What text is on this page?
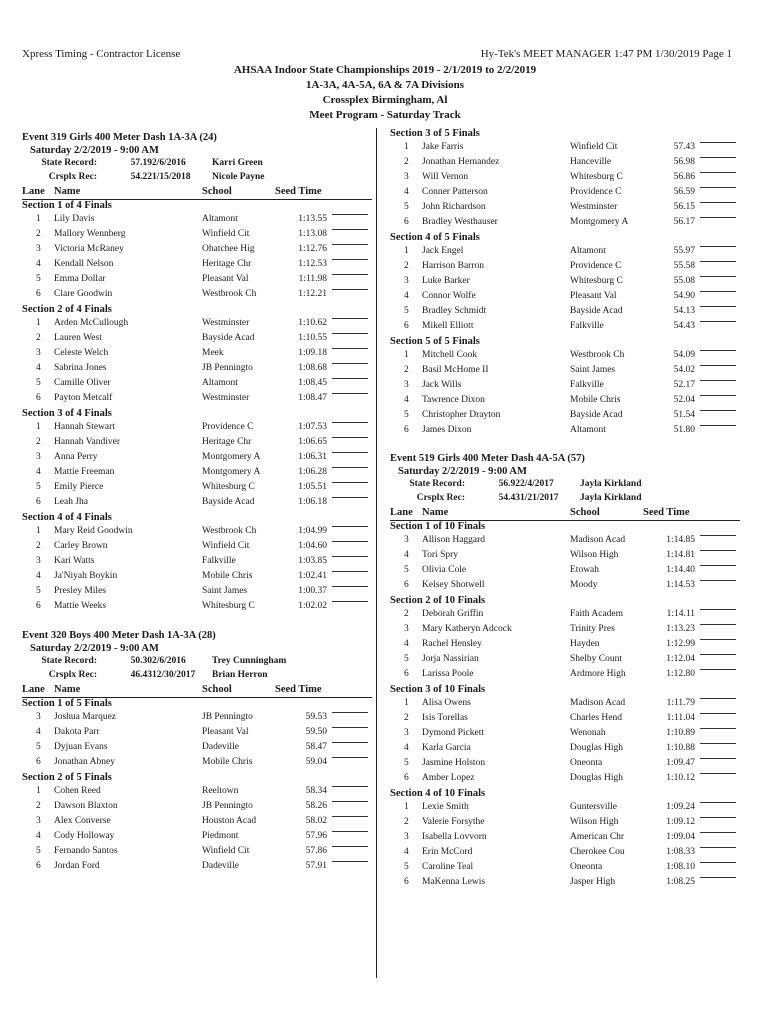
Xpress Timing - Contractor License	Hy-Tek's MEET MANAGER 1:47 PM 1/30/2019 Page 1
AHSAA Indoor State Championships 2019 - 2/1/2019 to 2/2/2019
1A-3A, 4A-5A, 6A & 7A Divisions
Crossplex Birmingham, Al
Meet Program - Saturday Track
Event 319 Girls 400 Meter Dash 1A-3A (24)
Saturday 2/2/2019 - 9:00 AM
State Record:	57.19 2/6/2016	Karri Green
Crsplx Rec:	54.22 1/15/2018 Nicole Payne
Lane Name	School	Seed Time
Section 1 of 4 Finals
1 Lily Davis	Altamont	1:13.55
2 Mallory Wennberg	Winfield Cit	1:13.08
3 Victoria McRaney	Ohatchee Hig	1:12.76
4 Kendall Nelson	Heritage Chr	1:12.53
5 Emma Dollar	Pleasant Val	1:11.98
6 Clare Goodwin	Westbrook Ch	1:12.21
Section 2 of 4 Finals
1 Arden McCullough	Westminster	1:10.62
2 Lauren West	Bayside Acad	1:10.55
3 Celeste Welch	Meek	1:09.18
4 Sabrina Jones	JB Penningto	1:08.68
5 Camille Oliver	Altamont	1:08.45
6 Payton Metcalf	Westminster	1:08.47
Section 3 of 4 Finals
1 Hannah Stewart	Providence C	1:07.53
2 Hannah Vandiver	Heritage Chr	1:06.65
3 Anna Perry	Montgomery A	1:06.31
4 Mattie Freeman	Montgomery A	1:06.28
5 Emily Pierce	Whitesburg C	1:05.51
6 Leah Jha	Bayside Acad	1:06.18
Section 4 of 4 Finals
1 Mary Reid Goodwin	Westbrook Ch	1:04.99
2 Carley Brown	Winfield Cit	1:04.60
3 Kari Watts	Falkville	1:03.85
4 Ja'Niyah Boykin	Mobile Chris	1:02.41
5 Presley Miles	Saint James	1:00.37
6 Mattie Weeks	Whitesburg C	1:02.02
Event 320 Boys 400 Meter Dash 1A-3A (28)
Saturday 2/2/2019 - 9:00 AM
State Record:	50.30 2/6/2016	Trey Cunningham
Crsplx Rec:	46.43 12/30/2017 Brian Herron
Lane Name	School	Seed Time
Section 1 of 5 Finals
3 Joshua Marquez	JB Penningto	59.53
4 Dakota Parr	Pleasant Val	59.50
5 Dyjuan Evans	Dadeville	58.47
6 Jonathan Abney	Mobile Chris	59.04
Section 2 of 5 Finals
1 Cohen Reed	Reeltown	58.34
2 Dawson Blaxton	JB Penningto	58.26
3 Alex Converse	Houston Acad	58.02
4 Cody Holloway	Piedmont	57.96
5 Fernando Santos	Winfield Cit	57.86
6 Jordan Ford	Dadeville	57.91
Section 3 of 5 Finals
1 Jake Farris	Winfield Cit	57.43
2 Jonathan Hernandez	Hanceville	56.98
3 Will Vernon	Whitesburg C	56.86
4 Conner Patterson	Providence C	56.59
5 John Richardson	Westminster	56.15
6 Bradley Westhauser	Montgomery A	56.17
Section 4 of 5 Finals
1 Jack Engel	Altamont	55.97
2 Harrison Barron	Providence C	55.58
3 Luke Barker	Whitesburg C	55.08
4 Connor Wolfe	Pleasant Val	54.90
5 Bradley Schmidt	Bayside Acad	54.13
6 Mikell Elliott	Falkville	54.43
Section 5 of 5 Finals
1 Mitchell Cook	Westbrook Ch	54.09
2 Basil McHome II	Saint James	54.02
3 Jack Wills	Falkville	52.17
4 Tawrence Dixon	Mobile Chris	52.04
5 Christopher Drayton	Bayside Acad	51.54
6 James Dixon	Altamont	51.80
Event 519 Girls 400 Meter Dash 4A-5A (57)
Saturday 2/2/2019 - 9:00 AM
State Record:	56.92 2/4/2017	Jayla Kirkland
Crsplx Rec:	54.43 1/21/2017 Jayla Kirkland
Lane Name	School	Seed Time
Section 1 of 10 Finals
3 Allison Haggard	Madison Acad	1:14.85
4 Tori Spry	Wilson High	1:14.81
5 Olivia Cole	Etowah	1:14.40
6 Kelsey Shotwell	Moody	1:14.53
Section 2 of 10 Finals
2 Deborah Griffin	Faith Academ	1:14.11
3 Mary Katheryn Adcock	Trinity Pres	1:13.23
4 Rachel Hensley	Hayden	1:12.99
5 Jorja Nassirian	Shelby Count	1:12.04
6 Larissa Poole	Ardmore High	1:12.80
Section 3 of 10 Finals
1 Alisa Owens	Madison Acad	1:11.79
2 Isis Torellas	Charles Hend	1:11.04
3 Dymond Pickett	Wenonah	1:10.89
4 Karla Garcia	Douglas High	1:10.88
5 Jasmine Holston	Oneonta	1:09.47
6 Amber Lopez	Douglas High	1:10.12
Section 4 of 10 Finals
1 Lexie Smith	Guntersville	1:09.24
2 Valerie Forsythe	Wilson High	1:09.12
3 Isabella Lovvorn	American Chr	1:09.04
4 Erin McCord	Cherokee Cou	1:08.33
5 Caroline Teal	Oneonta	1:08.10
6 MaKenna Lewis	Jasper High	1:08.25
